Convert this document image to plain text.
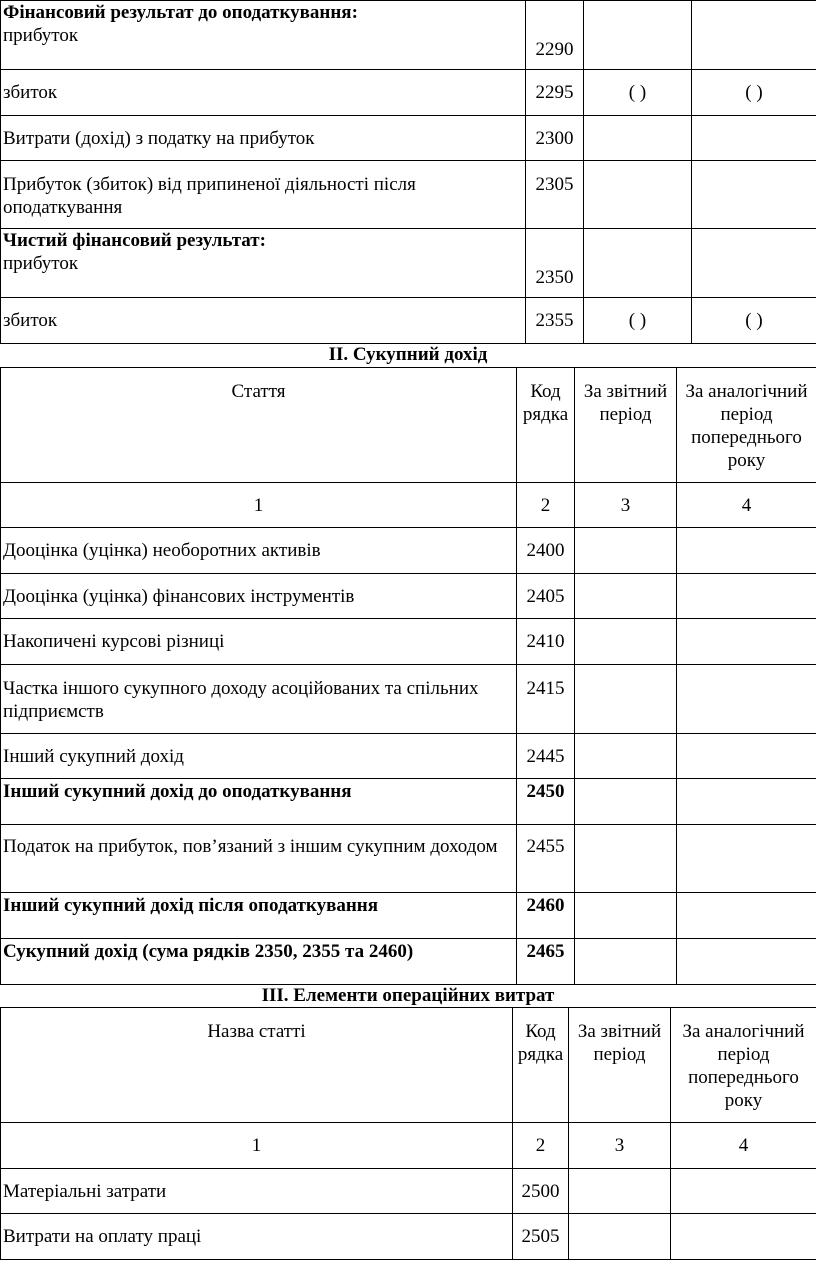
Фінансовий результат до оподаткування:
прибуток	2290		
збиток	2295	( )	( )
Витрати (дохід) з податку на прибуток	2300		
Прибуток (збиток) від припиненої діяльності після оподаткування	2305		

Чистий фінансовий результат:
прибуток	2350		
збиток	2355	( )	( )
II. Сукупний дохід
Стаття	Код рядка	За звітний період	За аналогічний період попереднього року
1	2	3	4
Дооцінка (уцінка) необоротних активів	2400		
Дооцінка (уцінка) фінансових інструментів	2405		
Накопичені курсові різниці	2410		
Частка іншого сукупного доходу асоційованих та спільних підприємств	2415		
Інший сукупний дохід	2445		
Інший сукупний дохід до оподаткування	2450		
Податок на прибуток, пов’язаний з іншим сукупним доходом	2455		
Інший сукупний дохід після оподаткування	2460		
Сукупний дохід (сума рядків 2350, 2355 та 2460)	2465		
III. Елементи операційних витрат
Назва статті	Код рядка	За звітний період	За аналогічний період попереднього року
1	2	3	4
Матеріальні затрати	2500		
Витрати на оплату праці	2505		
